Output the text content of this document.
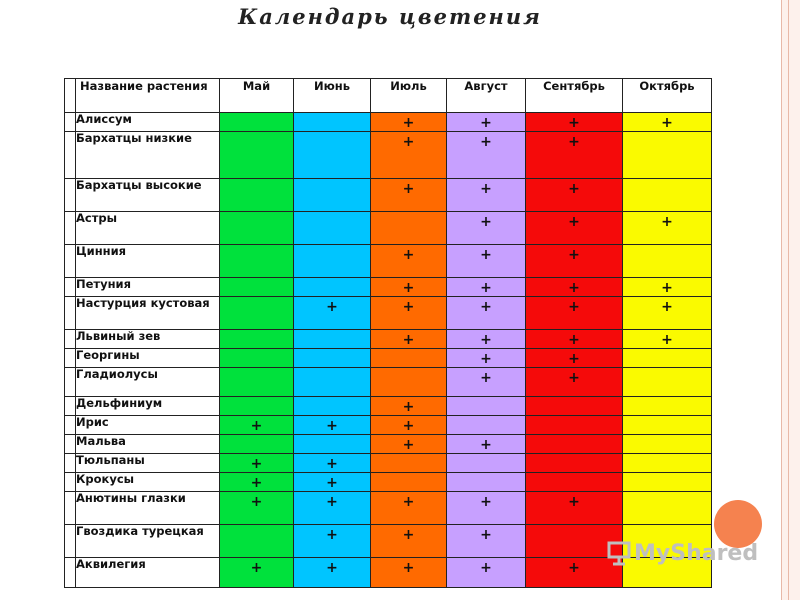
Календарь цветения
	Название растения	Май	Июнь	Июль	Август	Сентябрь	Октябрь
	Алиссум			+	+	+	+
	Бархатцы низкие			+	+	+	
	Бархатцы высокие			+	+	+	
	Астры				+	+	+
	Цинния			+	+	+	
	Петуния			+	+	+	+
	Настурция кустовая		+	+	+	+	+
	Львиный зев			+	+	+	+
	Георгины				+	+	
	Гладиолусы				+	+	
	Дельфиниум			+			
	Ирис	+	+	+			
	Мальва			+	+		
	Тюльпаны	+	+				
	Крокусы	+	+				
	Анютины глазки	+	+	+	+	+	
	Гвоздика турецкая		+	+	+		
	Аквилегия	+	+	+	+	+	
MyShared
